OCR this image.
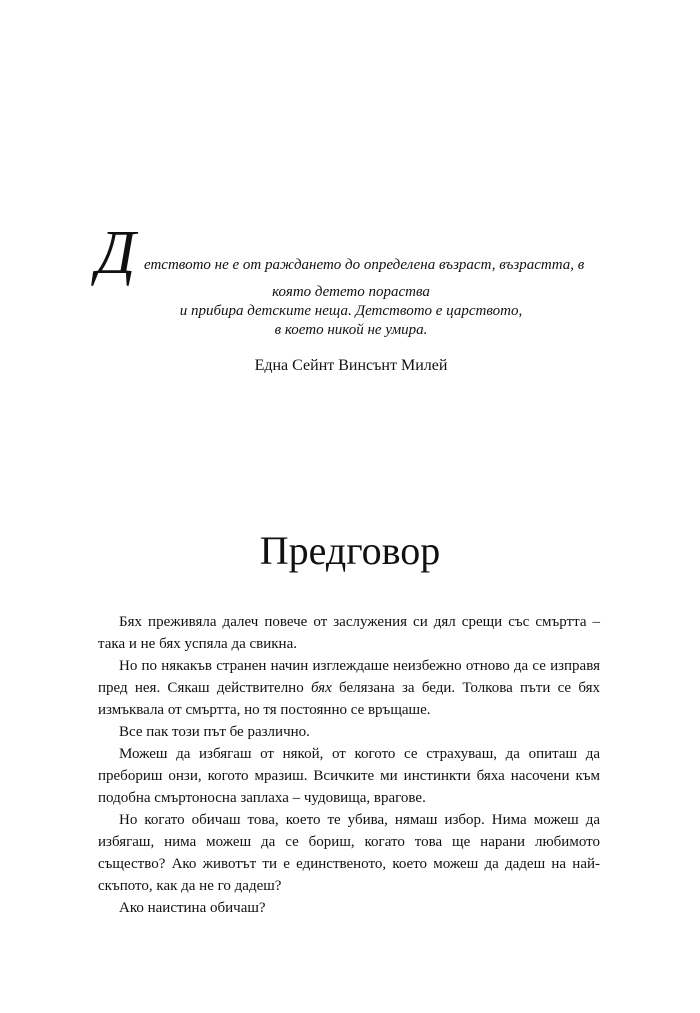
Д етството не е от раждането до определена възраст, възрастта, в
която детето пораства
и прибира детските неща. Детството е царството,
в което никой не умира.
Една Сейнт Винсънт Милей
Предговор

Бях преживяла далеч повече от заслужения си дял срещи със смъртта – така и не бях успяла да свикна.

Но по някакъв странен начин изглеждаше неизбежно отново да се изправя пред нея. Сякаш действително бях белязана за беди. Толкова пъти се бях измъквала от смъртта, но тя постоянно се връщаше.

Все пак този път бе различно.

Можеш да избягаш от някой, от когото се страхуваш, да опиташ да пребориш онзи, когото мразиш. Всичките ми инстинкти бяха насочени към подобна смъртоносна заплаха – чудовища, врагове.

Но когато обичаш това, което те убива, нямаш избор. Нима можеш да избягаш, нима можеш да се бориш, когато това ще нарани любимото същество? Ако животът ти е единственото, което можеш да дадеш на най-скъпото, как да не го дадеш?

Ако наистина обичаш?
